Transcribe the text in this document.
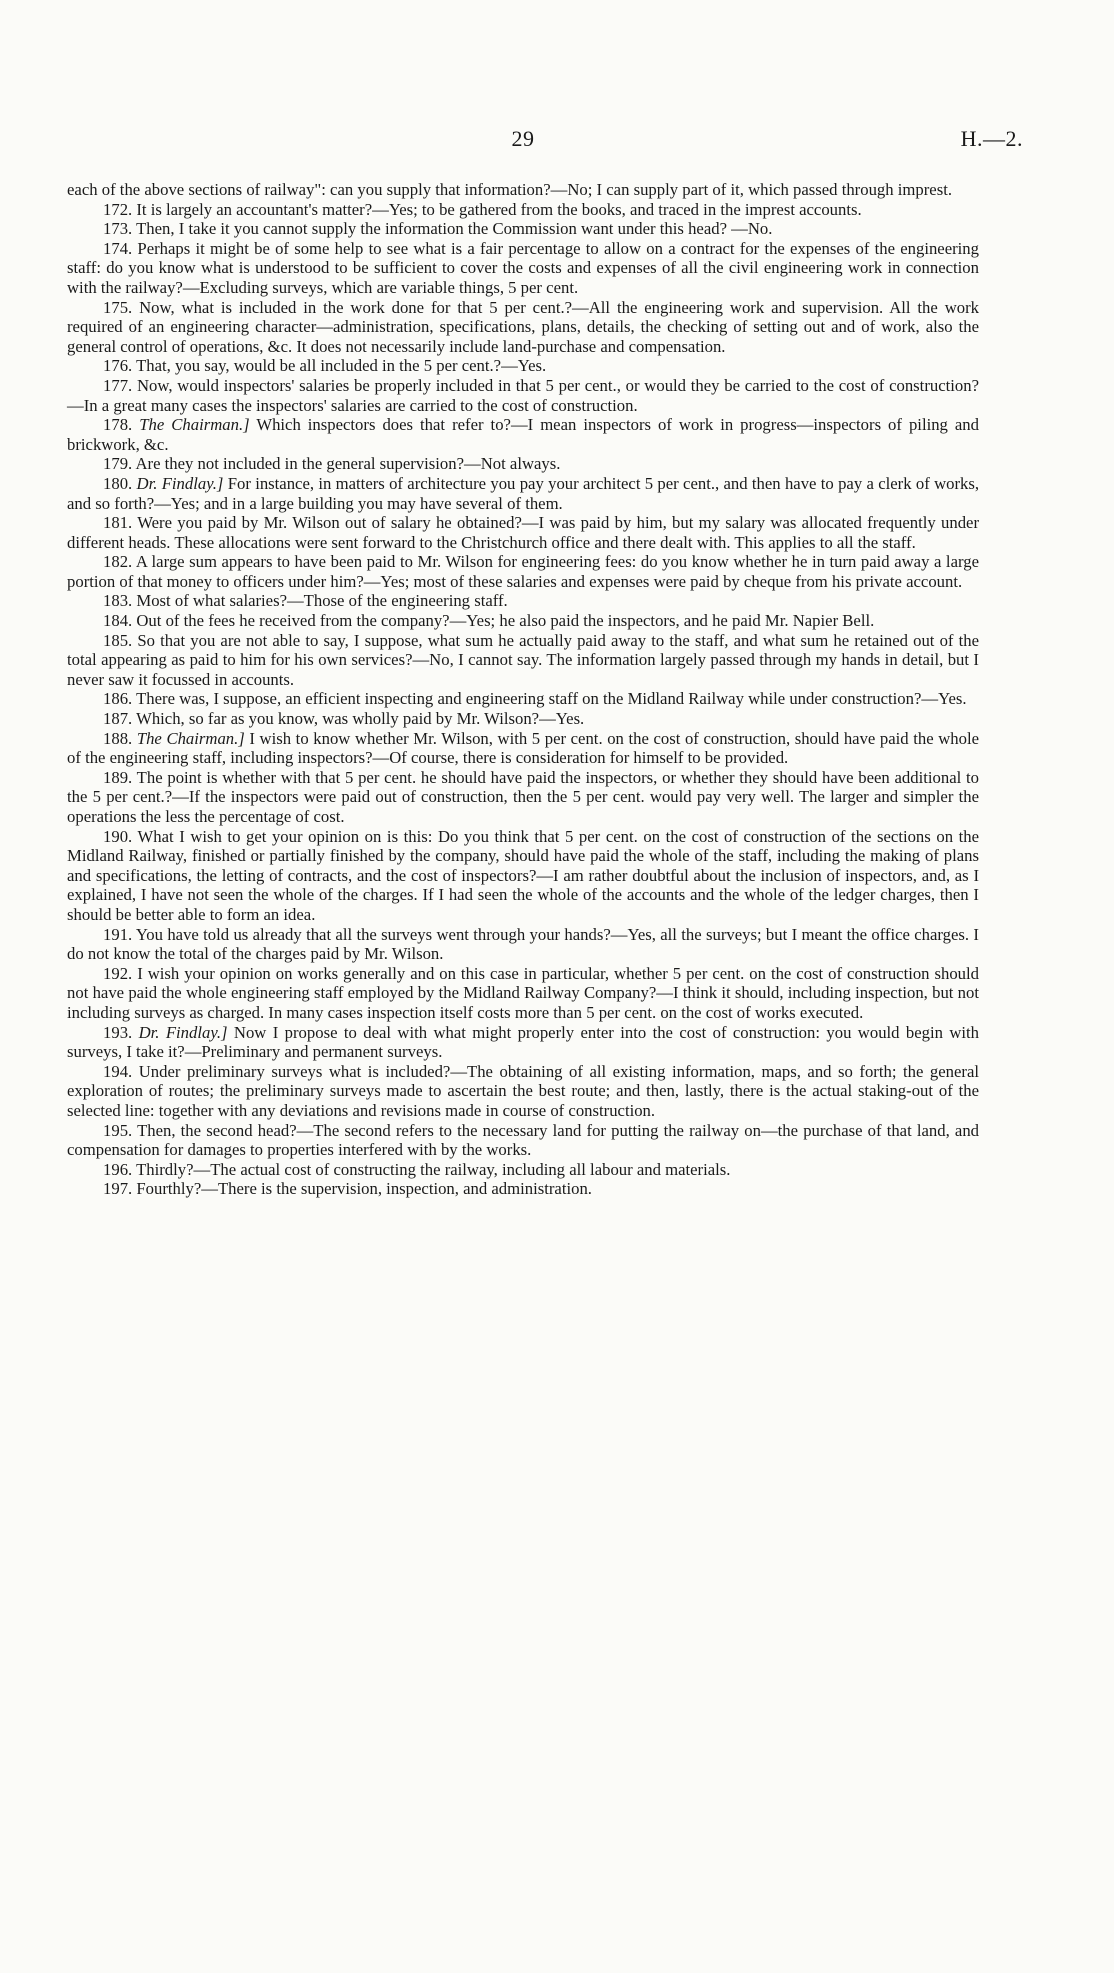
29	H.—2.

each of the above sections of railway": can you supply that information?—No; I can supply part of it, which passed through imprest.

172. It is largely an accountant's matter?—Yes; to be gathered from the books, and traced in the imprest accounts.

173. Then, I take it you cannot supply the information the Commission want under this head? —No.

174. Perhaps it might be of some help to see what is a fair percentage to allow on a contract for the expenses of the engineering staff: do you know what is understood to be sufficient to cover the costs and expenses of all the civil engineering work in connection with the railway?—Excluding surveys, which are variable things, 5 per cent.

175. Now, what is included in the work done for that 5 per cent.?—All the engineering work and supervision. All the work required of an engineering character—administration, specifications, plans, details, the checking of setting out and of work, also the general control of operations, &c. It does not necessarily include land-purchase and compensation.

176. That, you say, would be all included in the 5 per cent.?—Yes.

177. Now, would inspectors' salaries be properly included in that 5 per cent., or would they be carried to the cost of construction?—In a great many cases the inspectors' salaries are carried to the cost of construction.

178. The Chairman.] Which inspectors does that refer to?—I mean inspectors of work in progress—inspectors of piling and brickwork, &c.

179. Are they not included in the general supervision?—Not always.

180. Dr. Findlay.] For instance, in matters of architecture you pay your architect 5 per cent., and then have to pay a clerk of works, and so forth?—Yes; and in a large building you may have several of them.

181. Were you paid by Mr. Wilson out of salary he obtained?—I was paid by him, but my salary was allocated frequently under different heads. These allocations were sent forward to the Christchurch office and there dealt with. This applies to all the staff.

182. A large sum appears to have been paid to Mr. Wilson for engineering fees: do you know whether he in turn paid away a large portion of that money to officers under him?—Yes; most of these salaries and expenses were paid by cheque from his private account.

183. Most of what salaries?—Those of the engineering staff.

184. Out of the fees he received from the company?—Yes; he also paid the inspectors, and he paid Mr. Napier Bell.

185. So that you are not able to say, I suppose, what sum he actually paid away to the staff, and what sum he retained out of the total appearing as paid to him for his own services?—No, I cannot say. The information largely passed through my hands in detail, but I never saw it focussed in accounts.

186. There was, I suppose, an efficient inspecting and engineering staff on the Midland Railway while under construction?—Yes.

187. Which, so far as you know, was wholly paid by Mr. Wilson?—Yes.

188. The Chairman.] I wish to know whether Mr. Wilson, with 5 per cent. on the cost of construction, should have paid the whole of the engineering staff, including inspectors?—Of course, there is consideration for himself to be provided.

189. The point is whether with that 5 per cent. he should have paid the inspectors, or whether they should have been additional to the 5 per cent.?—If the inspectors were paid out of construction, then the 5 per cent. would pay very well. The larger and simpler the operations the less the percentage of cost.

190. What I wish to get your opinion on is this: Do you think that 5 per cent. on the cost of construction of the sections on the Midland Railway, finished or partially finished by the company, should have paid the whole of the staff, including the making of plans and specifications, the letting of contracts, and the cost of inspectors?—I am rather doubtful about the inclusion of inspectors, and, as I explained, I have not seen the whole of the charges. If I had seen the whole of the accounts and the whole of the ledger charges, then I should be better able to form an idea.

191. You have told us already that all the surveys went through your hands?—Yes, all the surveys; but I meant the office charges. I do not know the total of the charges paid by Mr. Wilson.

192. I wish your opinion on works generally and on this case in particular, whether 5 per cent. on the cost of construction should not have paid the whole engineering staff employed by the Midland Railway Company?—I think it should, including inspection, but not including surveys as charged. In many cases inspection itself costs more than 5 per cent. on the cost of works executed.

193. Dr. Findlay.] Now I propose to deal with what might properly enter into the cost of construction: you would begin with surveys, I take it?—Preliminary and permanent surveys.

194. Under preliminary surveys what is included?—The obtaining of all existing information, maps, and so forth; the general exploration of routes; the preliminary surveys made to ascertain the best route; and then, lastly, there is the actual staking-out of the selected line: together with any deviations and revisions made in course of construction.

195. Then, the second head?—The second refers to the necessary land for putting the railway on—the purchase of that land, and compensation for damages to properties interfered with by the works.

196. Thirdly?—The actual cost of constructing the railway, including all labour and materials.

197. Fourthly?—There is the supervision, inspection, and administration.
